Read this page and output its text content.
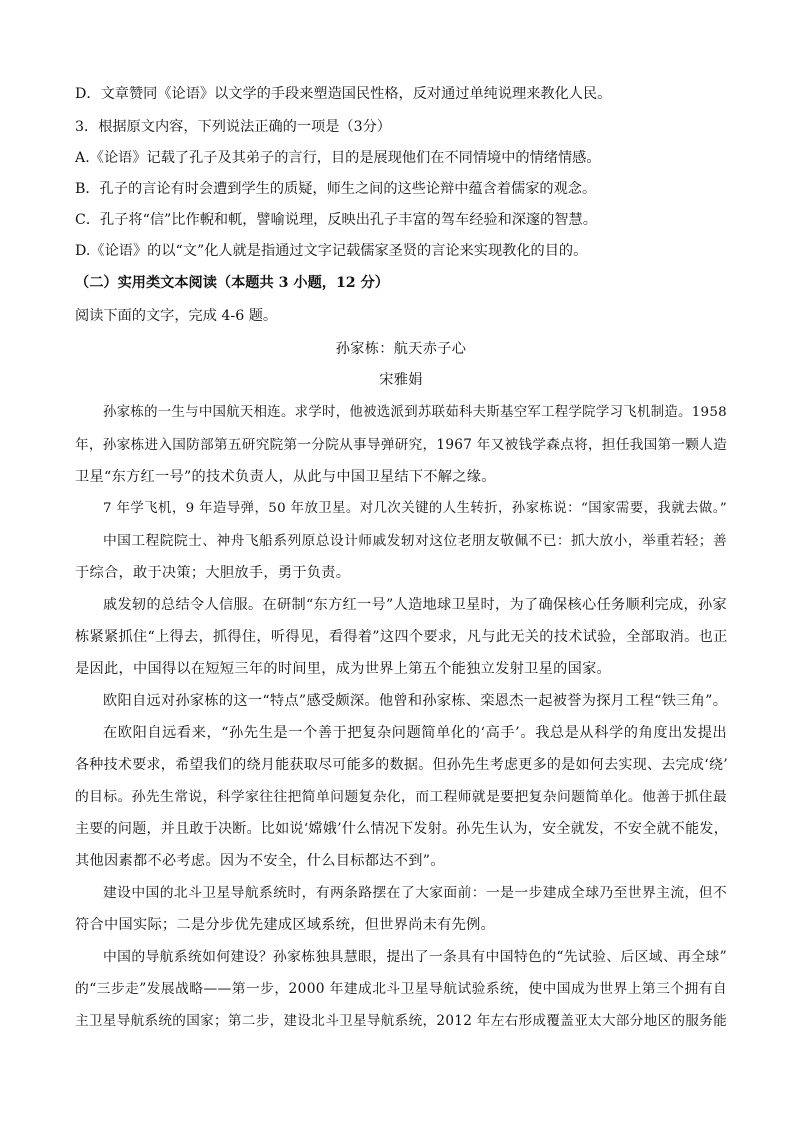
D．文章赞同《论语》以文学的手段来塑造国民性格，反对通过单纯说理来教化人民。
3．根据原文内容，下列说法正确的一项是（3分）
A.《论语》记载了孔子及其弟子的言行，目的是展现他们在不同情境中的情绪情感。
B．孔子的言论有时会遭到学生的质疑，师生之间的这些论辩中蕴含着儒家的观念。
C．孔子将“信”比作輗和軏，譬喻说理，反映出孔子丰富的驾车经验和深邃的智慧。
D.《论语》的以“文”化人就是指通过文字记载儒家圣贤的言论来实现教化的目的。
（二）实用类文本阅读（本题共 3 小题，12 分）
阅读下面的文字，完成 4-6 题。
孙家栋：航天赤子心
宋雅娟
孙家栋的一生与中国航天相连。求学时，他被选派到苏联茹科夫斯基空军工程学院学习飞机制造。1958
年，孙家栋进入国防部第五研究院第一分院从事导弹研究，1967 年又被钱学森点将，担任我国第一颗人造
卫星“东方红一号”的技术负责人，从此与中国卫星结下不解之缘。
7 年学飞机，9 年造导弹，50 年放卫星。对几次关键的人生转折，孙家栋说：“国家需要，我就去做。”
中国工程院院士、神舟飞船系列原总设计师戚发轫对这位老朋友敬佩不已：抓大放小，举重若轻；善
于综合，敢于决策；大胆放手，勇于负责。
戚发轫的总结令人信服。在研制“东方红一号”人造地球卫星时，为了确保核心任务顺利完成，孙家
栋紧紧抓住“上得去，抓得住，听得见，看得着”这四个要求，凡与此无关的技术试验，全部取消。也正
是因此，中国得以在短短三年的时间里，成为世界上第五个能独立发射卫星的国家。
欧阳自远对孙家栋的这一“特点”感受颇深。他曾和孙家栋、栾恩杰一起被誉为探月工程“铁三角”。
在欧阳自远看来，“孙先生是一个善于把复杂问题简单化的‘高手’。我总是从科学的角度出发提出
各种技术要求，希望我们的绕月能获取尽可能多的数据。但孙先生考虑更多的是如何去实现、去完成‘绕’
的目标。孙先生常说，科学家往往把简单问题复杂化，而工程师就是要把复杂问题简单化。他善于抓住最
主要的问题，并且敢于决断。比如说‘嫦娥’什么情况下发射。孙先生认为，安全就发，不安全就不能发，
其他因素都不必考虑。因为不安全，什么目标都达不到”。
建设中国的北斗卫星导航系统时，有两条路摆在了大家面前：一是一步建成全球乃至世界主流，但不
符合中国实际；二是分步优先建成区域系统，但世界尚未有先例。
中国的导航系统如何建设？孙家栋独具慧眼，提出了一条具有中国特色的“先试验、后区域、再全球”
的“三步走”发展战略——第一步，2000 年建成北斗卫星导航试验系统，使中国成为世界上第三个拥有自
主卫星导航系统的国家；第二步，建设北斗卫星导航系统，2012 年左右形成覆盖亚太大部分地区的服务能
